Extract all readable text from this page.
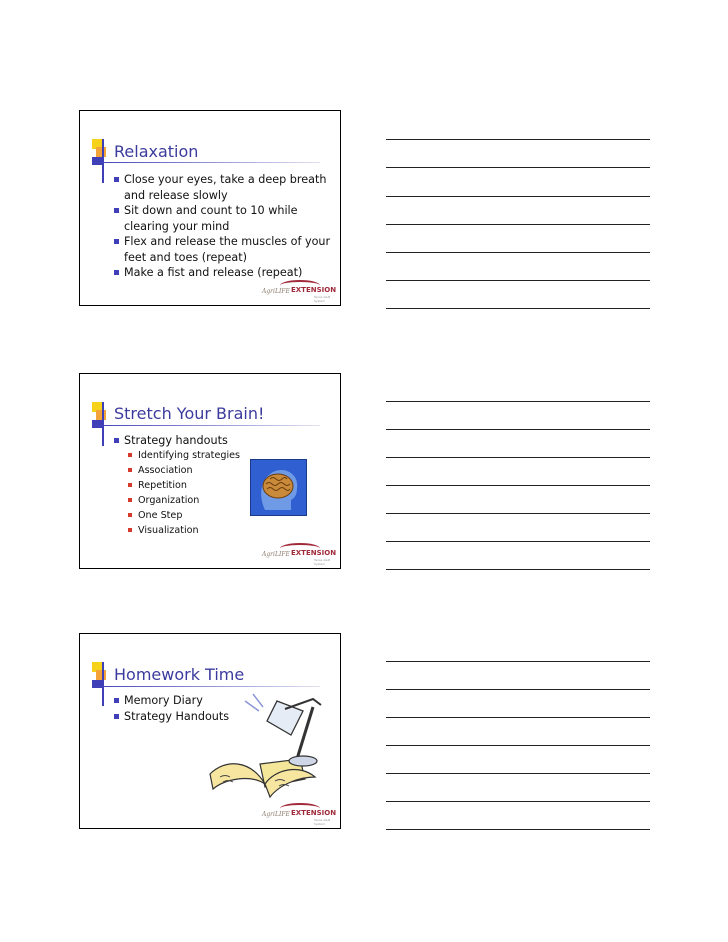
Relaxation
Close your eyes, take a deep breath and release slowly
Sit down and count to 10 while clearing your mind
Flex and release the muscles of your feet and toes (repeat)
Make a fist and release (repeat)
AgriLIFE EXTENSION
Texas A&M System
Stretch Your Brain!
Strategy handouts
Identifying strategies
Association
Repetition
Organization
One Step
Visualization
AgriLIFE EXTENSION
Texas A&M System
Homework Time
Memory Diary
Strategy Handouts
AgriLIFE EXTENSION
Texas A&M System
